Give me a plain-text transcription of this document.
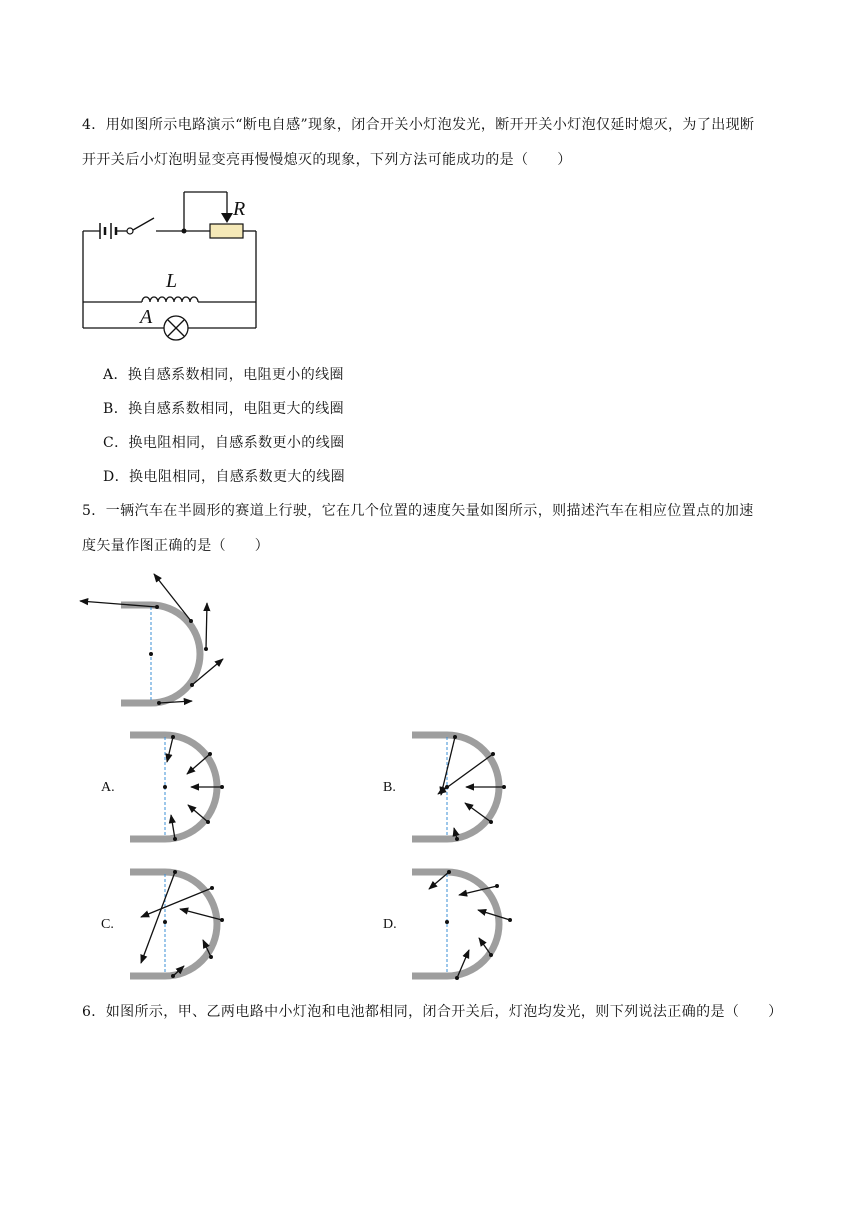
4．用如图所示电路演示“断电自感”现象，闭合开关小灯泡发光，断开开关小灯泡仅延时熄灭，为了出现断
开开关后小灯泡明显变亮再慢慢熄灭的现象，下列方法可能成功的是（　　）
R
L
A
A．换自感系数相同，电阻更小的线圈
B．换自感系数相同，电阻更大的线圈
C．换电阻相同，自感系数更小的线圈
D．换电阻相同，自感系数更大的线圈
5．一辆汽车在半圆形的赛道上行驶，它在几个位置的速度矢量如图所示，则描述汽车在相应位置点的加速
度矢量作图正确的是（　　）
A.	B.
C.	D.
6．如图所示，甲、乙两电路中小灯泡和电池都相同，闭合开关后，灯泡均发光，则下列说法正确的是（　　）
